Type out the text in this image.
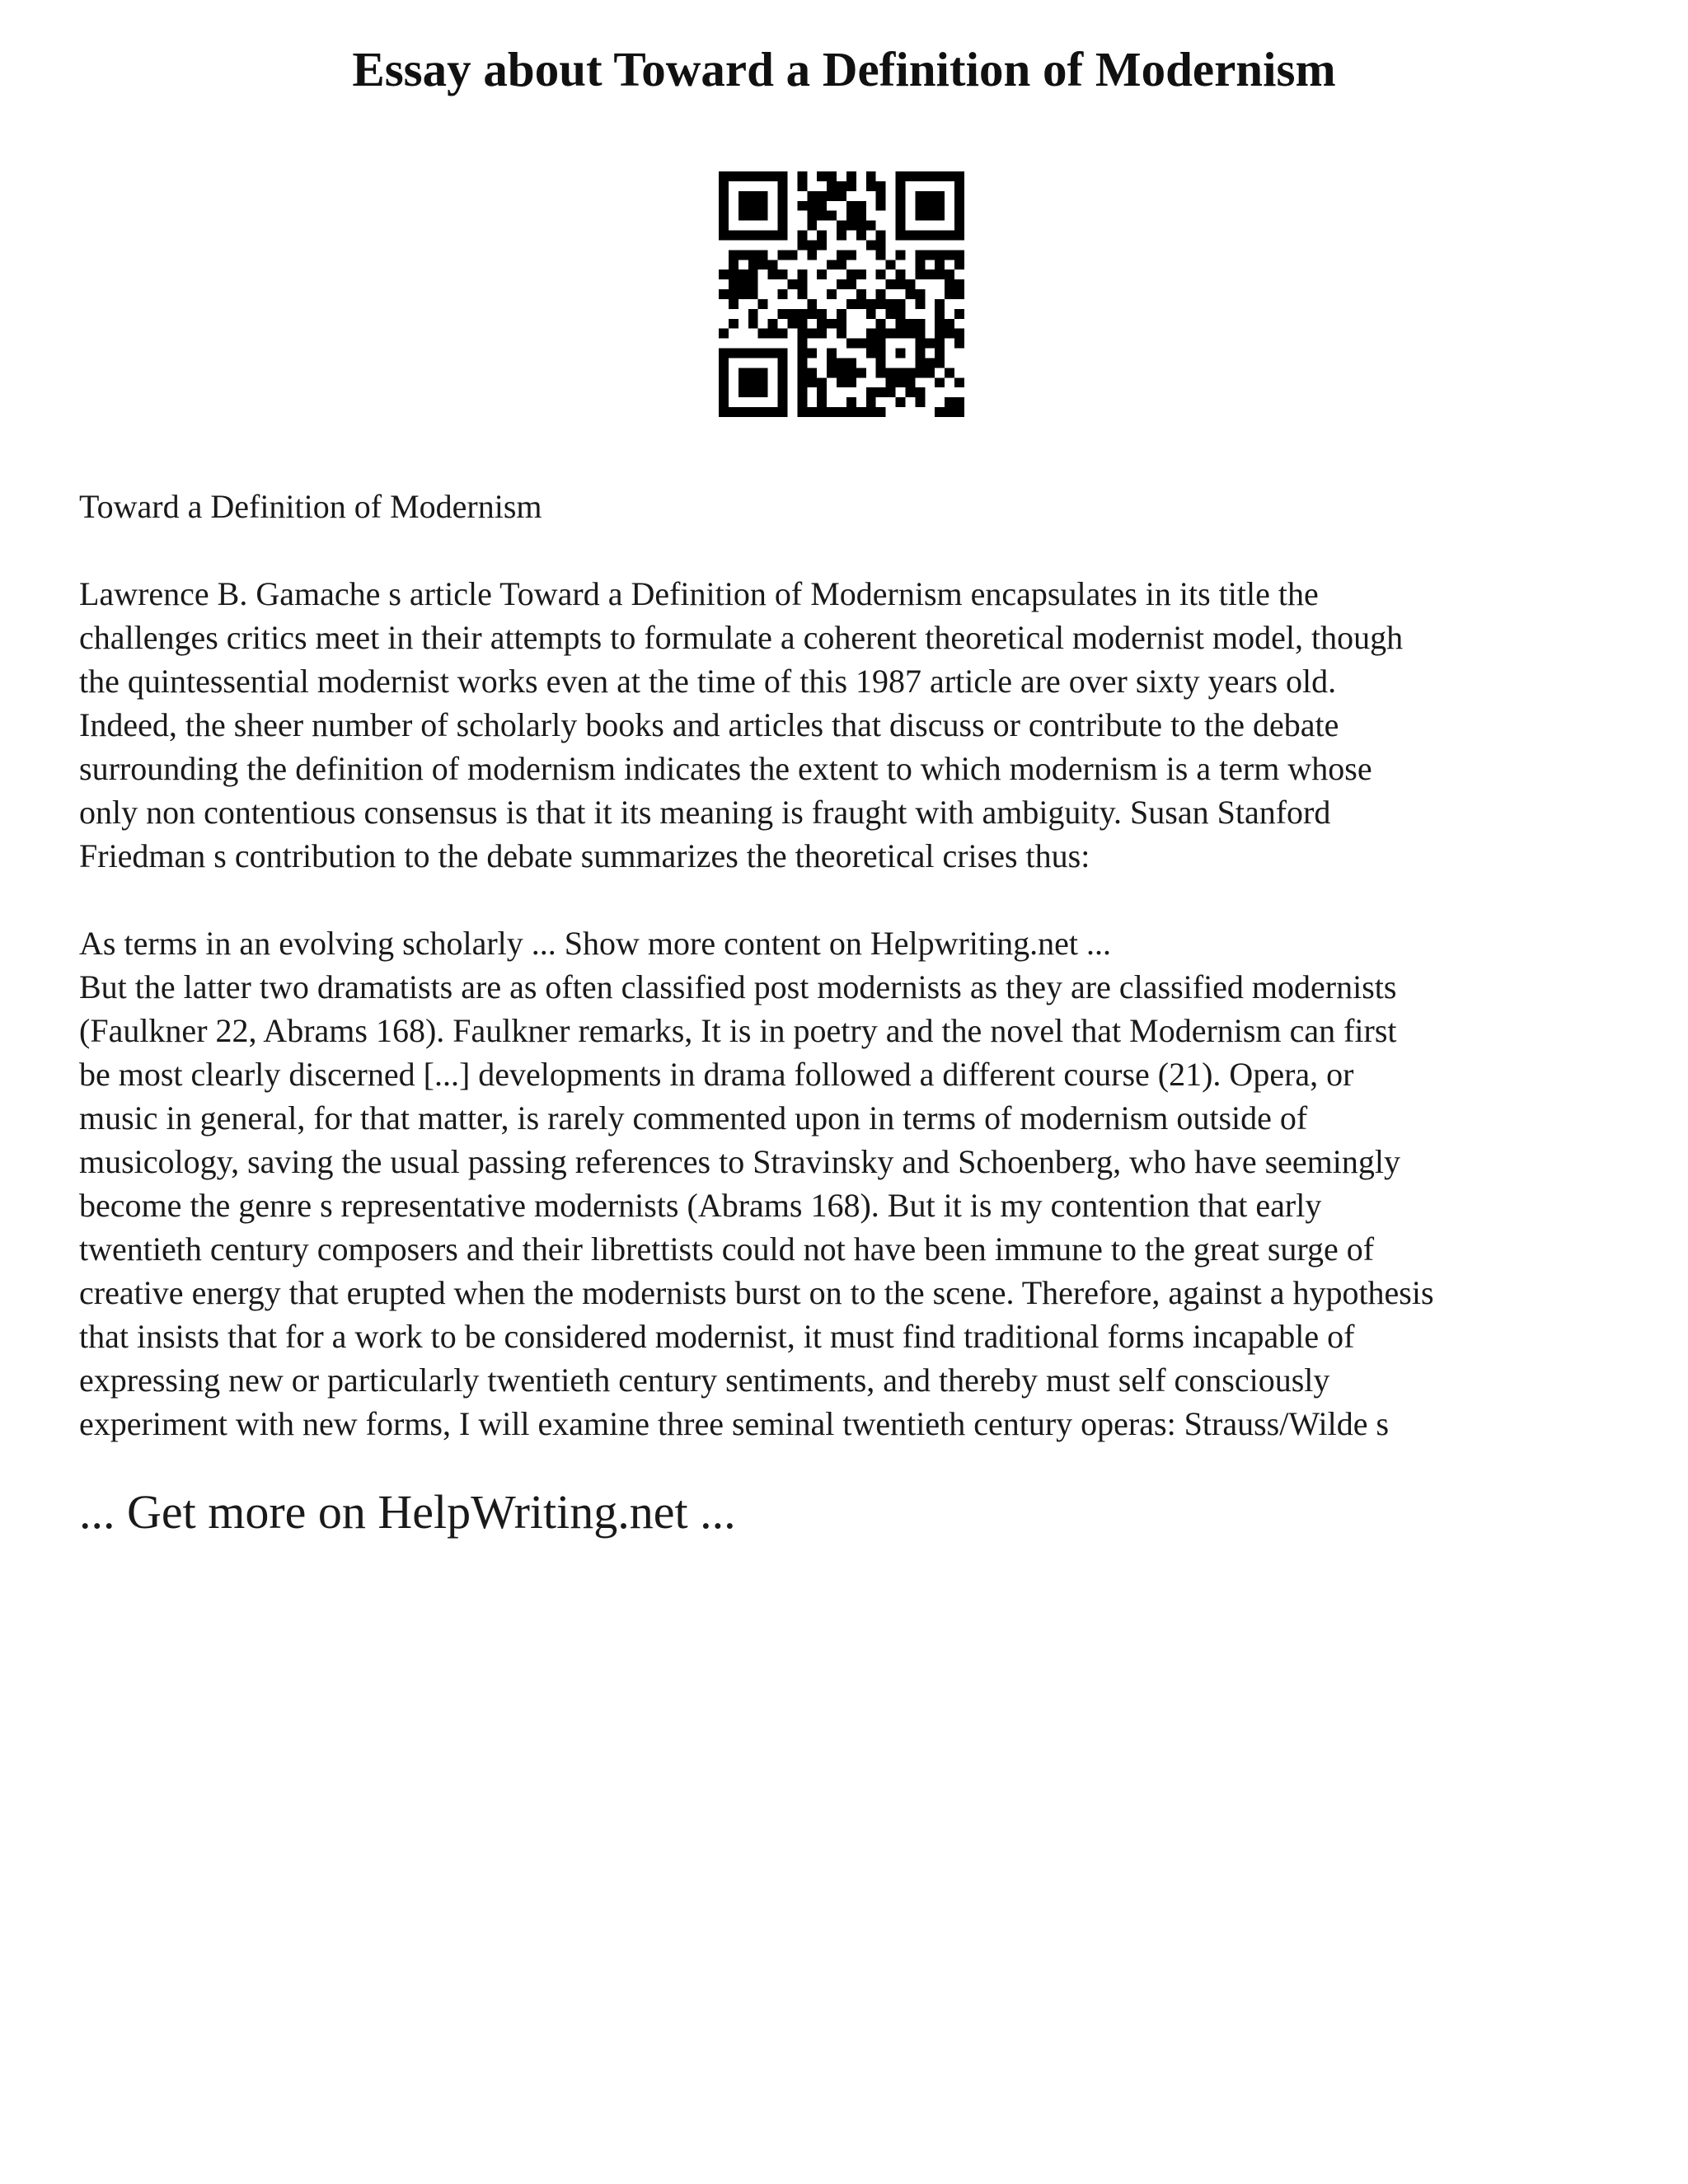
Essay about Toward a Definition of Modernism

Toward a Definition of Modernism

Lawrence B. Gamache s article Toward a Definition of Modernism encapsulates in its title the
challenges critics meet in their attempts to formulate a coherent theoretical modernist model, though
the quintessential modernist works even at the time of this 1987 article are over sixty years old.
Indeed, the sheer number of scholarly books and articles that discuss or contribute to the debate
surrounding the definition of modernism indicates the extent to which modernism is a term whose
only non contentious consensus is that it its meaning is fraught with ambiguity. Susan Stanford
Friedman s contribution to the debate summarizes the theoretical crises thus:

As terms in an evolving scholarly ... Show more content on Helpwriting.net ...
But the latter two dramatists are as often classified post modernists as they are classified modernists
(Faulkner 22, Abrams 168). Faulkner remarks, It is in poetry and the novel that Modernism can first
be most clearly discerned [...] developments in drama followed a different course (21). Opera, or
music in general, for that matter, is rarely commented upon in terms of modernism outside of
musicology, saving the usual passing references to Stravinsky and Schoenberg, who have seemingly
become the genre s representative modernists (Abrams 168). But it is my contention that early
twentieth century composers and their librettists could not have been immune to the great surge of
creative energy that erupted when the modernists burst on to the scene. Therefore, against a hypothesis
that insists that for a work to be considered modernist, it must find traditional forms incapable of
expressing new or particularly twentieth century sentiments, and thereby must self consciously
experiment with new forms, I will examine three seminal twentieth century operas: Strauss/Wilde s

... Get more on HelpWriting.net ...
